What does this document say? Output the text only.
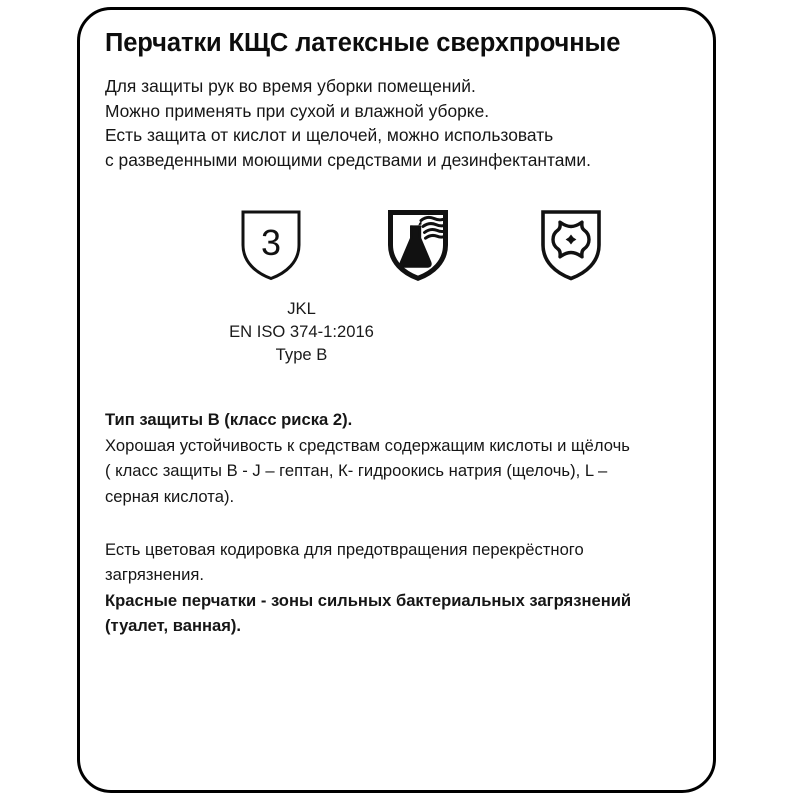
Перчатки КЩС латексные сверхпрочные

Для защиты рук во время уборки помещений.
Можно применять при сухой и влажной уборке.
Есть защита от кислот и щелочей, можно использовать
с разведенными моющими средствами и дезинфектантами.

3
JKL
EN ISO 374-1:2016
Type B
Тип защиты В (класс риска 2).
Хорошая устойчивость к средствам содержащим кислоты и щёлочь
( класс защиты В - J – гептан, К- гидроокись натрия (щелочь), L –
серная кислота).
Есть цветовая кодировка для предотвращения перекрёстного
загрязнения.
Красные перчатки - зоны сильных бактериальных загрязнений
(туалет, ванная).
